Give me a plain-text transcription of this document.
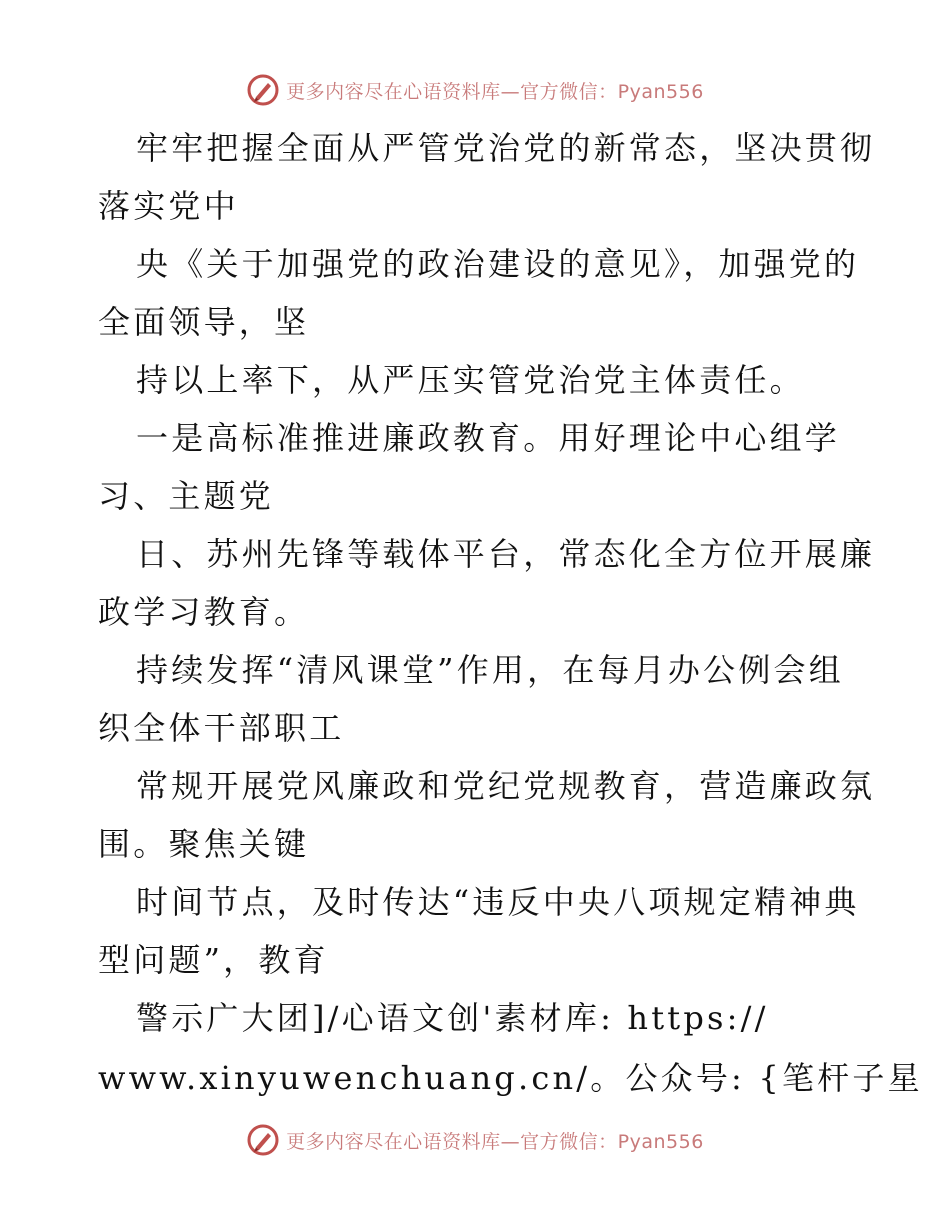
更多内容尽在心语资料库—官方微信：Pyan556
牢牢把握全面从严管党治党的新常态，坚决贯彻
落实党中
央《关于加强党的政治建设的意见》，加强党的
全面领导，坚
持以上率下，从严压实管党治党主体责任。
一是高标准推进廉政教育。用好理论中心组学
习、主题党
日、苏州先锋等载体平台，常态化全方位开展廉
政学习教育。
持续发挥“清风课堂”作用，在每月办公例会组
织全体干部职工
常规开展党风廉政和党纪党规教育，营造廉政氛
围。聚焦关键
时间节点，及时传达“违反中央八项规定精神典
型问题”，教育
警示广大团]/心语文创'素材库: https://
www.xinyuwenchuang.cn/。公众号: {笔杆子星
更多内容尽在心语资料库—官方微信：Pyan556
